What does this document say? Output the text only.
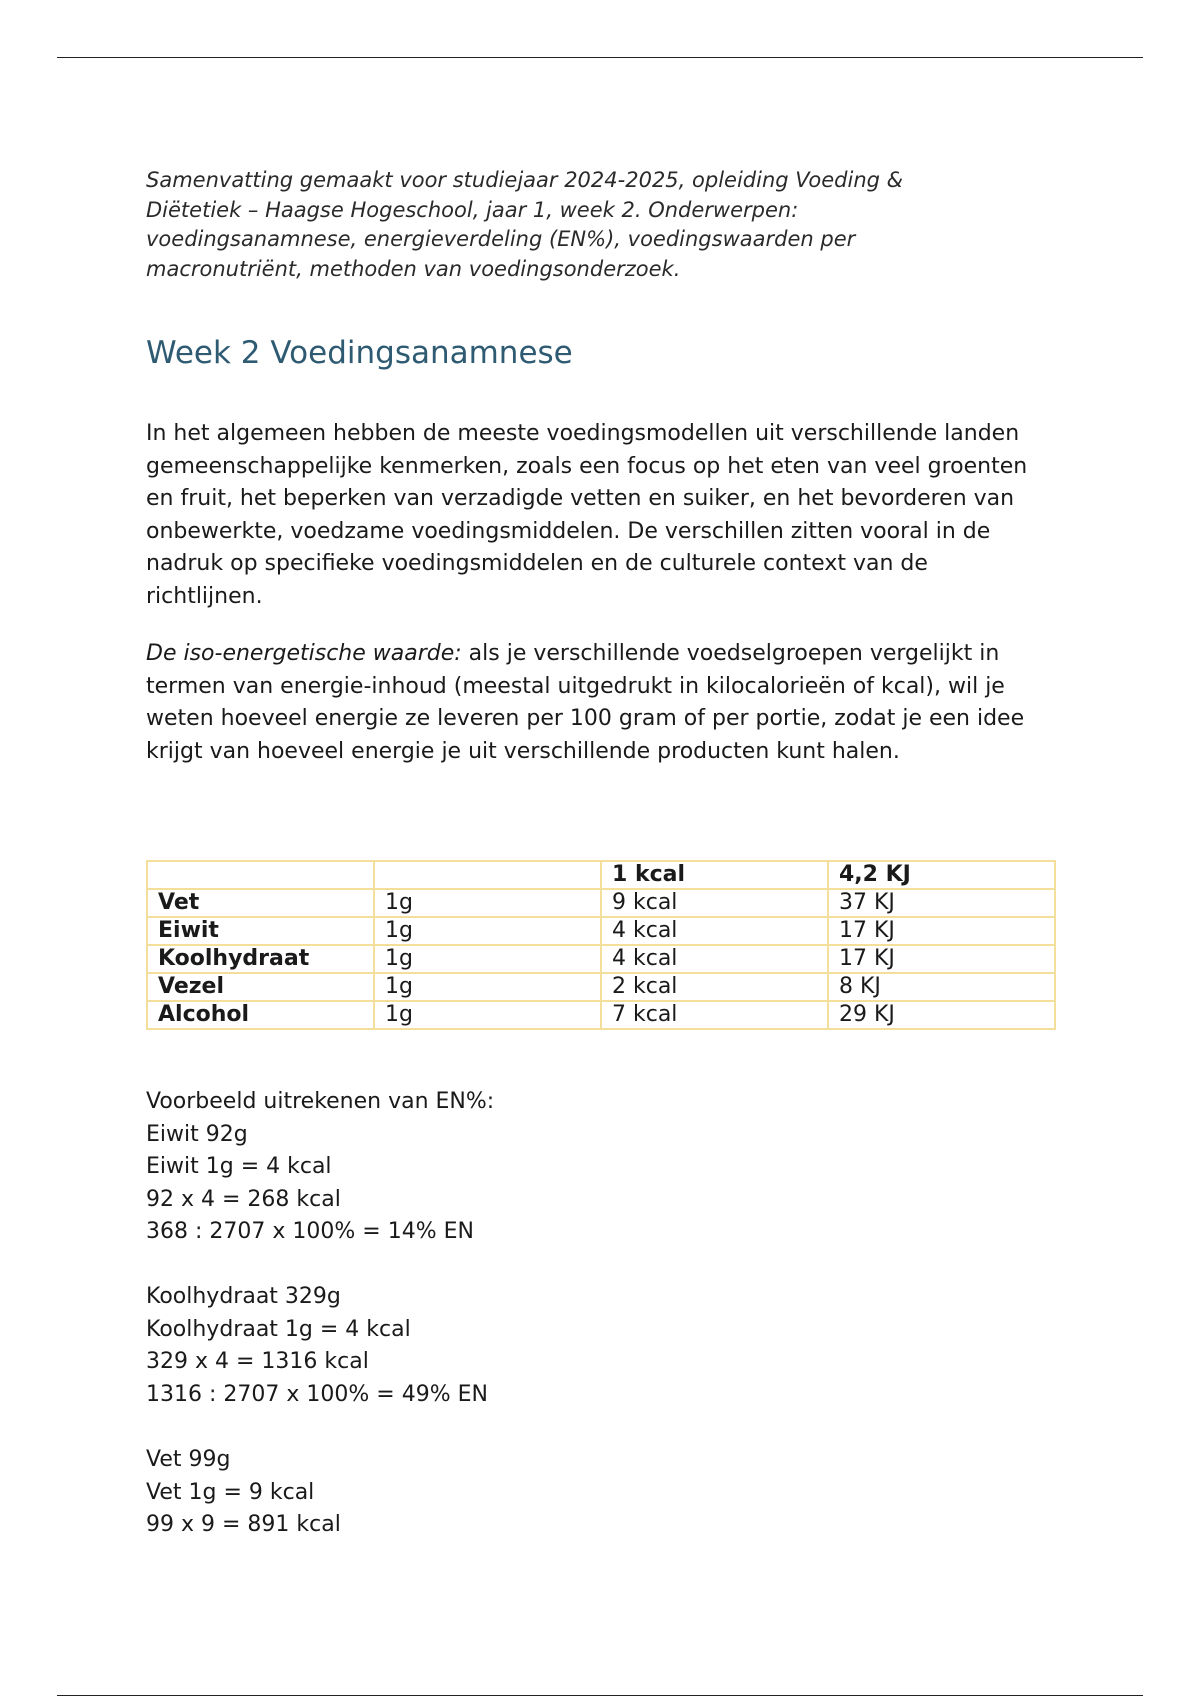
Samenvatting gemaakt voor studiejaar 2024-2025, opleiding Voeding & Diëtetiek – Haagse Hogeschool, jaar 1, week 2. Onderwerpen: voedingsanamnese, energieverdeling (EN%), voedingswaarden per macronutriënt, methoden van voedingsonderzoek.

Week 2 Voedingsanamnese

In het algemeen hebben de meeste voedingsmodellen uit verschillende landen gemeenschappelijke kenmerken, zoals een focus op het eten van veel groenten en fruit, het beperken van verzadigde vetten en suiker, en het bevorderen van onbewerkte, voedzame voedingsmiddelen. De verschillen zitten vooral in de nadruk op specifieke voedingsmiddelen en de culturele context van de richtlijnen.

De iso-energetische waarde: als je verschillende voedselgroepen vergelijkt in termen van energie-inhoud (meestal uitgedrukt in kilocalorieën of kcal), wil je weten hoeveel energie ze leveren per 100 gram of per portie, zodat je een idee krijgt van hoeveel energie je uit verschillende producten kunt halen.

		1 kcal	4,2 KJ
Vet	1g	9 kcal	37 KJ
Eiwit	1g	4 kcal	17 KJ
Koolhydraat	1g	4 kcal	17 KJ
Vezel	1g	2 kcal	8 KJ
Alcohol	1g	7 kcal	29 KJ
Voorbeeld uitrekenen van EN%:
Eiwit 92g
Eiwit 1g = 4 kcal
92 x 4 = 268 kcal
368 : 2707 x 100% = 14% EN
Koolhydraat 329g
Koolhydraat 1g = 4 kcal
329 x 4 = 1316 kcal
1316 : 2707 x 100% = 49% EN
Vet 99g
Vet 1g = 9 kcal
99 x 9 = 891 kcal
